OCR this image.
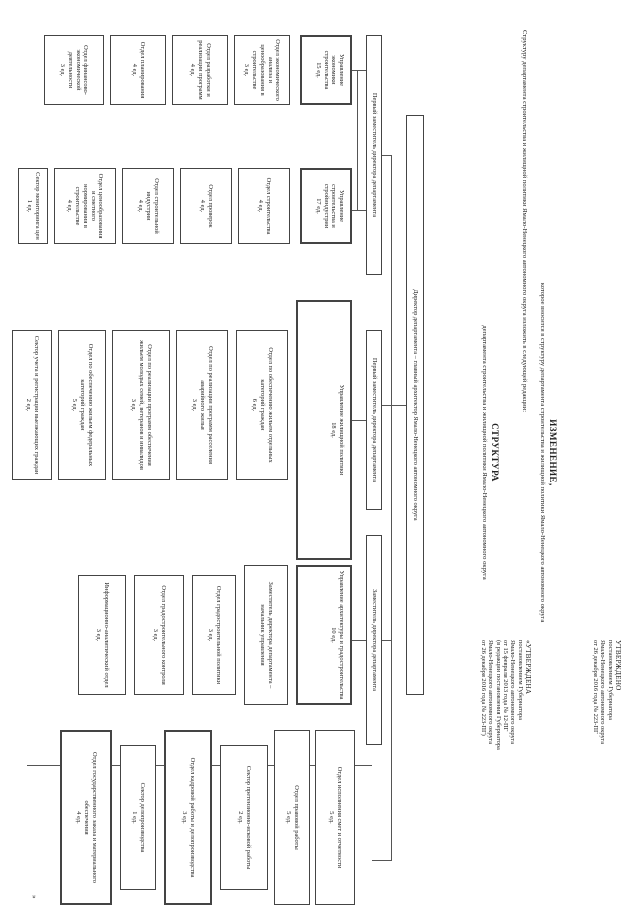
УТВЕРЖДЕНО
постановлением Губернатора
Ямало-Ненецкого автономного округа
от 26 декабря 2016 года № 223-ПГ
«УТВЕРЖДЕНА
постановлением Губернатора
Ямало-Ненецкого автономного округа
от 15 февраля 2013 года № 12-ПГ
(в редакции постановления Губернатора
Ямало-Ненецкого автономного округа
от 26 декабря 2016 года № 223-ПГ)
ИЗМЕНЕНИЕ,
которое вносится в структуру департамента строительства и жилищной политики Ямало-Ненецкого автономного округа
Структуру департамента строительства и жилищной политики Ямало-Ненецкого автономного округа изложить в следующей редакции:
СТРУКТУРА
департамента строительства и жилищной политики Ямало-Ненецкого автономного округа
Директор департамента – главный архитектор Ямало-Ненецкого автономного округа
Первый заместитель директора департамента
Первый заместитель директора департамента
Заместитель директора департамента
Управление экономики строительства
15 ед.
Отдел экономического анализа и ценообразования в строительстве
3 ед.
Отдел разработки и реализации программ
4 ед.
Отдел планирования
4 ед.
Отдел финансово-экономической деятельности
3 ед.
Управление строительства и стройиндустрии
17 ед.
Отдел строительства
4 ед.
Отдел проверок
4 ед.
Отдел строительной индустрии
4 ед.
Отдел ценообразования и сметного нормирования в строительстве
4 ед.
Сектор мониторинга цен
1 ед.
Управление жилищной политики
18 ед.
Отдел по обеспечению жильем отдельных категорий граждан
6 ед.
Отдел по реализации программ расселения аварийного жилья
3 ед.
Отдел по реализации программ обеспечения жильем молодых семей, ветеранов и инвалидов
3 ед.
Отдел по обеспечению жильем федеральных категорий граждан
5 ед.
Сектор учета и регистрации выезжающих граждан
2 ед.
Управление архитектуры и градостроительства
10 ед.
Заместитель директора департамента – начальник управления
Отдел градостроительной политики
3 ед.
Отдел градостроительного контроля
3 ед.
Информационно-аналитический отдел
3 ед.
Отдел исполнения смет и отчетности
5 ед.
Отдел правовой работы
5 ед.
Сектор претензионно-исковой работы
2 ед.
Отдел кадровой работы и делопроизводства
3 ед.
Сектор делопроизводства
1 ед.
Отдел государственного заказа и материального обеспечения
4 ед.
»
